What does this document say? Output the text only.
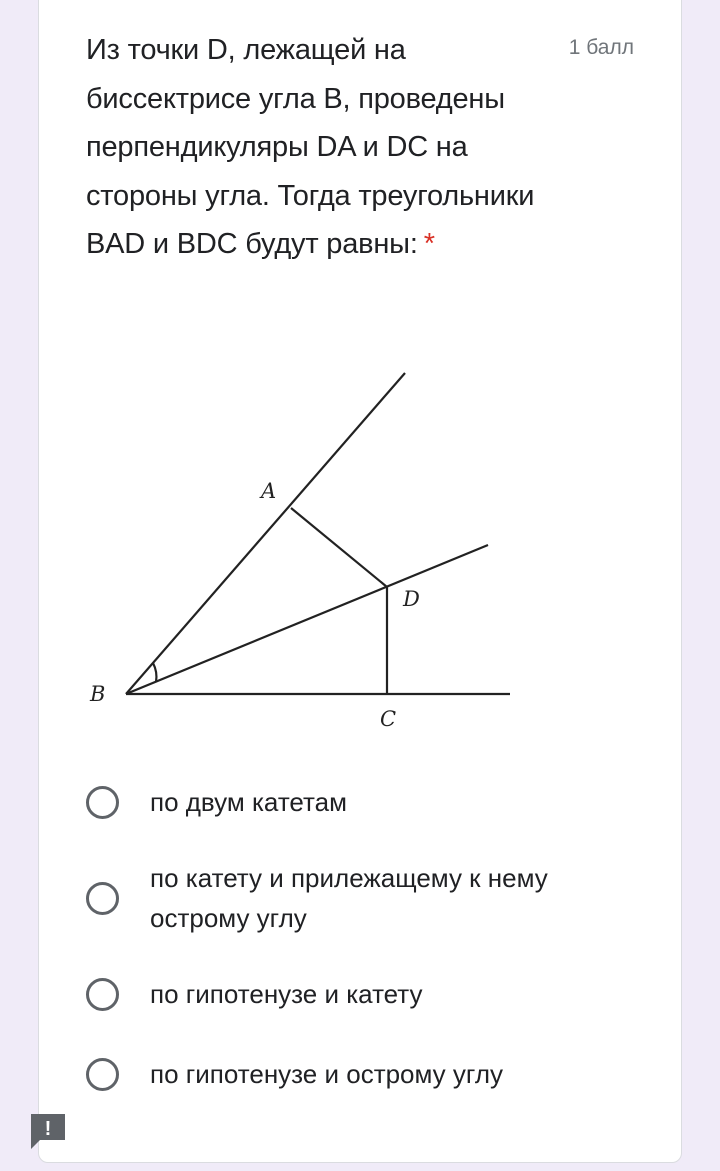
Из точки D, лежащей на биссектрисе угла B, проведены перпендикуляры DA и DC на стороны угла. Тогда треугольники BAD и BDC будут равны: *
1 балл
A
B
C
D
по двум катетам
по катету и прилежащему к нему острому углу
по гипотенузе и катету
по гипотенузе и острому углу
!
